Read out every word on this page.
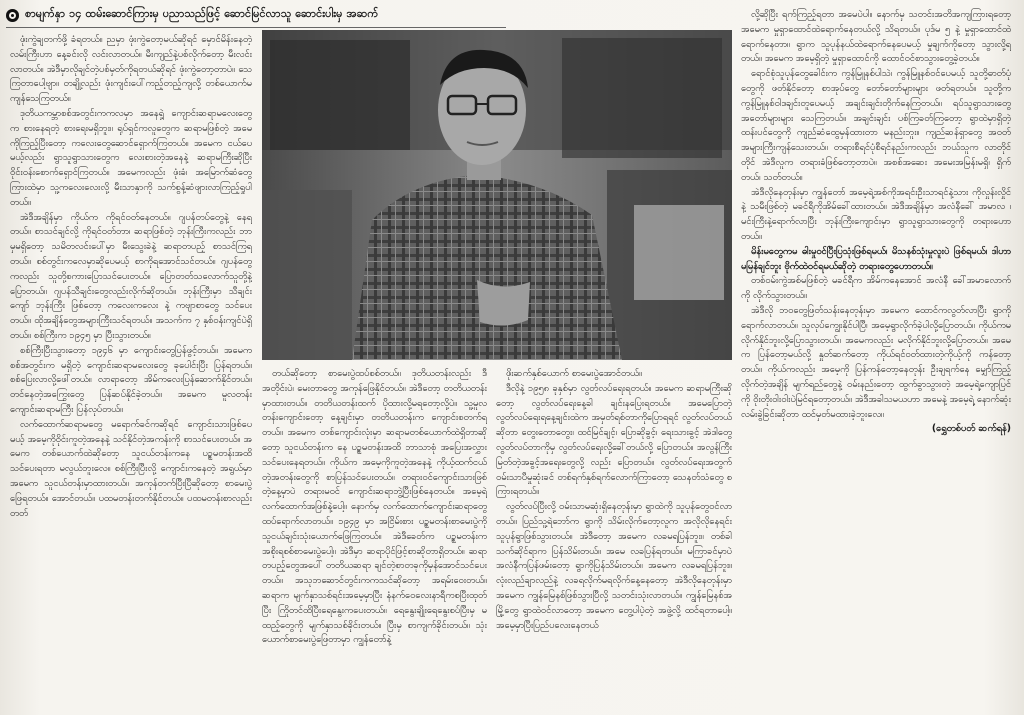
စာမျက်နှာ ၁၄ ထမ်းဆောင်ကြားမှ ပညာသည်ဖြင့် ဆောင်မြင်လာသူ ဆောင်းပါးမှ အဆက်

ဖုံးကွဲချတက်ဖို့ ခံရတယ်။ ညမှာ ဖုံးကွဲတော့မယ်ဆိုရင် မှောင်မိန်းနေတဲ့ လမ်းကြီးဟာ နေ့ခင်းလို လင်းလာတယ်။ မီးကျည်နဲ့ပစ်လိုက်တော့ မီးလင်းလာတယ်။ အဲဒီမှာလိုချင်တဲ့ပစ်မှတ်ကိုရတယ်ဆိုရင် ဖုံးကွဲတော့တာပဲ။ သေကြတာပေါ့ဗျာ။ တချို့လည်း ဖုံးကျင်းပေါ်ကည့်တည့်ကျလို့ တစ်ယောက်မကျန်သေကြတယ်။

ဒုတိယကမ္ဘာစစ်အတွင်းကကလမှာ အနေရှဲ့ ကျောင်းဆရာမလေးတွေက စားနေရတဲ့ စားရေးမရှိဘူး။ ရုပ်ရှင်ကလူတွေက ဆရာမဖြစ်တဲ့ အမေကိုကြည့်ပြီးတော့ ကလေးတွေဆောင်ရှောက်ကြတယ်။ အမေက ငယ်ပေမယ့်လည်း ရွာသူရွာသားတွေက လေးစားတဲ့အနေနဲ့ ဆရာမကြီးဆိုပြီး ဝိုင်းဝန်းစောက်ရှောင်ကြတယ်။ အမေကလည်း ဖုံးခံ၊ အမြောက်ဆံတွေကြားထဲမှာ သူ့ကလေးလေးလို့ မီးသာနှာကို သက်စွန့်ဆံဖျားလာကြည့်ရှုပါတယ်။

အဲဒီအချိန်မှာ ကိုယ်က ကိုရင်ဝတ်နေတယ်။ ဂျပန်တပ်တွေနဲ့ နေရတယ်။ စာသင်ချင်လို့ ကိုရင်ဝတ်တာ၊ ဆရာဖြစ်တဲ့ ဘုန်းကြီးကလည်း ဘာမှမရှိတော့ သမိတလင်းပေါ်မှာ မီးသွေးခဲနဲ့ ဆရာတပည့် စာသင်ကြရတယ်။ စစ်တွင်းကလေမှာဆိုပေမယ့် စာကိုရအောင်သင်တယ်။ ဂျပန်တွေကလည်း သူတို့စကားပြောသင်ပေးတယ်။ ပြောတတ်သလောက်သူတို့နဲ့ပြောတယ်။ ဂျပန်သီချင်းတွေလည်းလိုက်ဆိုတယ်။ ဘုန်းကြီးမှာ သီချင်းကျော် ဘုန်းကြီး ဖြစ်တော့ ကလေးကလေး နဲ့ ကဗျာစာတွေ သင်ပေးတယ်။ ထိုအချိန်တွေအများကြီးသင်ရတယ်။ အသက်က ၇ နှစ်ဝန်းကျင်ပဲရှိတယ်။ စစ်ကြီးက ၁၉၄၅ မှာ ပြီးသွားတယ်။

စစ်ကြီးပြီးသွားတော့ ၁၉၄၆ မှာ ကျောင်းတွေပြန်ဖွင့်တယ်။ အမေက စစ်အတွင်းက မရှိတဲ့ ကျောင်းဆရာမလေးတွေ ခုပေါင်းပြီး ပြန်ရတယ်။ စစ်ပြေးလာလို့ဖေါ်တယ်။ လာရာတော့ အိမ်ကလေးပြန်ဆောက်နိုင်တယ်။ တင်နေတဲ့အကြွေးတွေ ပြန်ဆပ်နိုင်ခဲ့တယ်။ အမေက မူလတန်းကျောင်းဆရာမကြီး ပြန်လုပ်တယ်။

လက်ထောက်ဆရာမတွေ မရောက်ခင်ကဆိုရင် ကျောင်းသားဖြစ်ပေမယ့် အမေ့ကိုဝိုင်းကူတဲ့အနေနဲ့ သင်နိုင်တဲ့အကန်းကို စာသင်ပေးတယ်။ အမေက တစ်ယောက်ထဲဆိုတော့ သူငယ်တန်းကနေ ပဉ္စမတန်းအထိ သင်ပေးရတာ မလွယ်ဘူးလေ။ စစ်ကြီးပြီးလို့ ကျောင်းကနေတဲ့ အရွယ်မှာ အမေက သူငယ်တန်းမှာထားတယ်။ အကုန်တက်ပြီးပြီဆိုတော့ စာမေးပွဲဖြေရတယ်။ အောင်တယ်။ ပထမတန်းတက်နိုင်တယ်။ ပထမတန်းစာလည်းတတ်

တယ်ဆိုတော့ စာမေးပွဲထပ်စစ်တယ်။ ဒုတိယတန်းလည်း ဒီအတိုင်းပဲ၊ မေးတာတွေ အကုန်ဖြေနိုင်တယ်။ အဲဒီတော့ တတိယတန်းမှာထားတယ်။ တတိယတန်းထက် ပိုထားလို့မရတော့လို့ပဲ။ သူ့မူလတန်းကျောင်းတော့ နေ့ချင်းမှာ တတိယတန်းက ကျောင်းစတက်ရတယ်။ အမေက တစ်ကျောင်းလုံးမှာ ဆရာမတစ်ယောက်ထဲရှိတာဆိုတော့ သူငယ်တန်းက နေ ပဉ္စမတန်းအထိ ဘာသာစုံ အပြေးအလွှားသင်ပေးနေရတယ်။ ကိုယ်က အမေ့ကိုကူတဲ့အနေနဲ့ ကိုယ့်ထက်ငယ်တဲ့အတန်းတွေကို စာပြန်သင်ပေးတယ်။ တရားဝင်ကျောင်းသားဖြစ်တဲ့နေ့မှာပဲ တရားမဝင် ကျောင်းဆရာဘွဲ့ပြီးဖြစ်နေတယ်။ အမေ့ရဲ့လက်ထောက်အဖြစ်နဲ့ပေါ့။ နောက်မှ လက်ထောက်ကျောင်းဆရာတွေ ထပ်ရောက်လာတယ်။ ၁၉၄၉ မှာ အငြိမ်းစား ပဉ္စမတန်းစာမေးပွဲကို သူငယ်ချင်းသုံးယောက်ဖြေကြတယ်။ အဲဒီခေတ်က ပဉ္စမတန်းက အစိုးရစစ်စာမေးပွဲပေါ့။ အဲဒီမှာ ဆရာပိုင်ဖြင့်စာဆိုတာရှိတယ်။ ဆရာတပည့်တွေအပေါ် တတိယဆရာ ချင်တဲ့စာတခုကိုမှန်အောင်သင်ပေးတယ်။ အသုဘဆောင်တွင်းကကသင်ဆိုတော့ အရမ်းဝေးတယ်။ ဆရာက မျက်နှာသစ်ရင်းအမေ့မှာပြီး နံနက်ဝေလေးနာရီကစပြီးထုတ်ပြီး ကြိုတင်ထိပြီးရေနွေးကပေးတယ်။ ရေနွေးချိုးရေနွေးစပ်ပြီးမှ မထည့်တွေကို မျက်နှာသစ်ခိုင်းတယ်။ ပြီးမှ စာကျက်ခိုင်းတယ်။ သုံးယောက်စာမေးပွဲဖြေတာမှာ ကျွန်တော်နဲ့

ဖိုးဆက်နှစ်ယောက် စာမေးပွဲအောင်တယ်။

ဒီလိုနဲ့ ၁၉၅၈ ခုနှစ်မှာ လွတ်လပ်ရေးရတယ်။ အမေက ဆရာမကြီးဆိုတော့ လွတ်လပ်ရေးနေ့ခါ ချင်းနပြေးရတယ်။ အမေပြောတဲ့ လွတ်လပ်ရေးရနေ့ချင်းထဲက အမှတ်ရစ်တာကိုပြောရရင် လွတ်လပ်တယ်ဆိုတာ တွေးတောတွေး၊ ထင်မြင်ချင့်၊ ပြောဆိုခွင့်၊ ရေးသားခွင့် အဲဒါတွေ လွတ်လပ်တာကိုမှ လွတ်လပ်ရေးလို့ခေါ်တယ်လို့ ပြောတယ်။ အလွန်ကြီးမြတ်တဲ့အခွင့်အရေးတွေလို့ လည်း ပြောတယ်။ လွတ်လပ်ရေးအတွက် ဝမ်းသာပီမှုဆုံးခင် တစ်ရက်နှစ်ရက်လောက်ကြာတော့ သေနတ်သံတွေ စကြားရတယ်။

လွတ်လပ်ပြီးလို့ ဝမ်းသာမဆုံးရှိနေတုန်းမှာ ရွာထဲကို သူပုန်တွေဝင်လာတယ်။ ပြည်သူ့ရဲဘော်က ရွာကို သိမ်းလိုက်တော့လူက အလိုလိုနေရင်း သူပုန်ရွာဖြစ်သွားတယ်။ အဲဒီတော့ အမေက လခမရပြန်ဘူး။ တစ်ခါ သက်ဆိုင်ရာက ပြန်သိမ်းတယ်။ အမေ လခပြန်ရတယ်။ မကြာခင်မှာပဲ အလံနီကပြန်ဖမ်းတော့ ရွာကိုပြန်သိမ်းတယ်။ အမေက လခမရပြန်ဘူး။ လုံးလည်ချာလည်နဲ့ လခရလိုက်မရလိုက်နေ့နေတော့ အဲဒီလိုနေတုန်းမှာ အမေက ကျွန်မြေနစ်ဖြစ်သွားပြီလို့ သတင်းသုံးလာတယ်။ ကျွန်မြေနစ်အမြို့တွေ ရွာထဲဝင်လာတော့ အမေက တွေ့ပါပဲ့တဲ့ အဖွဲ့လို့ ထင်ရတာပေါ့။ အမေ့မှာပြီးပြည်ပလေးနေတယ်

လို့ဆိုပြီး ရက်ကြည့်ရတာ အမေပဲပါ။ နောက်မှ သတင်းအတိအကျကြားရတော့ အမေက မှုရှာထောင်ထဲရောက်နေတယ်လို့ သိရတယ်။ ပုဒ်မ ၅ နဲ့ မှုရှာထောင်ထဲရောက်နေတာ။ ရွာက သူပုန်နယ်ထဲရောက်နေပေမယ့် မှုချက်ကိုတော့ သွားလို့ရတယ်။ အမေက အမေ့ရှိတဲ့ မှုရှာထောင်ကို ထောင်ဝင်စာသွားတွေ့ခဲ့တယ်။

ရောင်စုံသူပုန်တွေခေါင်းက ကွန်မြူနစ်ပါသဲ၊ ကွန်မြူနစ်ဝင်ပေမယ့် သူတို့ဓာတ်ပုံတွေကို ဖတ်နိုင်တော့ စာအုပ်တွေ တော်တော်များများ ဖတ်ရတယ်။ သူတို့က ကွန်မြူနစ်ဝါဒချင်းတူပေမယ့် အချင်းချင်းတိုက်နေကြတယ်။ ရပ်သူရွာသားတွေ အတော်များများ သေကြတယ်။ အချင်းချင်း ပစ်ကြခတ်ကြတော့ ရွာထဲမှာရှိတဲ့ ထန်းပင်တွေကို ကျည်ဆံထွေမှန်ထားတာ မနည်းဘူး။ ကျည်ဆန်ရှာတွေ အဝတ် အများကြီးကျန်သေးတယ်။ တရားစီရင်ပုံစီရင်နည်းကလည်း ဘယ်သူက လာတိုင်တိုင် အဲဒီလူက တရားခံဖြစ်တော့တာပဲ။ အစစ်အဆေး အမေးအမြန်းမရှိ၊ ရှိက်တယ်၊ သတ်တယ်။

အဲဒီလိုနေတုန်းမှာ ကျွန်တော် အမေ့ရဲ့အစ်ကိုအရင်းဦးသာရင်နဲ့သား ကိုလှုန်းလှိုင်နဲ့ သမီးဖြစ်တဲ့ မခင်ရီကိုအိမ်ခေါ်ထားတယ်။ အဲဒီအချိန်မှာ အလံနီခေါ် အမာလ ၊ မင်းကြီးနဲ့ရောက်လာပြီး ဘုန်းကြီးကျောင်းမှာ ရွာသူရွာသားတွေကို တရားဟောတယ်။

မိန်းမတွေကမ ဓါးမှုဝင်ပြီးပြသုံးဖြစ်ရမယ်၊ မိသနစ်သုံးမှုလူးပဲ ဖြစ်ရမယ်၊ ဒါဟာ မမြန်ချင်ဘူး ဗိုက်ထဲဝင်ရမယ်ဆိုတဲ့ တရားတွေဟောတယ်။

တစ်ဝမ်းကွဲအစ်မဖြစ်တဲ့ မခင်ရီက အိမ်ကနေအောင် အလံနီ ခေါ်အမာလောက် ကို လိုက်သွားတယ်။

အဲဒီလို ဘဝတွေဖြတ်သန်းနေတုန်းမှာ အမေက ထောင်ကလွတ်လာပြီး ရွာကိုရောက်လာတယ်။ သူလုပ်ကျွေးနိုင်ပါပြီ၊ အမေ့ရွာလိုက်ခဲ့ပါလို့ပြောတယ်။ ကိုယ်ကမလိုက်နိုင်ဘူးလို့ပြောသွားတယ်။ အမေကလည်း မလိုက်နိုင်ဘူးလို့ပြောတယ်။ အမေက ပြန်တော့မယ်လို့ နှုတ်ဆက်တော့ ကိုယ်ရင်ဝတ်ထားတဲ့ကိုယ့်ကို ကန်တော့တယ်။ ကိုယ်ကလည်း အမေ့ကို ပြန်ကန်တော့နေတုန်း ဦးချရက်နေ မျှော်ကြည့်လိုက်တဲ့အချိန် မျက်ရည်တွေနဲ့ ဝမ်းနည်းတော့ ထွက်ခွာသွားတဲ့ အမေ့ရဲ့ကျောပြင်ကို ဝိုးတိုးဝါးဝါးပဲမြင်ရတော့တယ်။ အဲဒီအခါသမယဟာ အမေနဲ့ အမေ့ရဲ့ နောက်ဆုံးလမ်းခွဲခြင်းဆိုတာ ထင်မှတ်မထားခဲ့ဘူးလေ။

(ရွှေတစ်ပတ် ဆက်ရန်)
